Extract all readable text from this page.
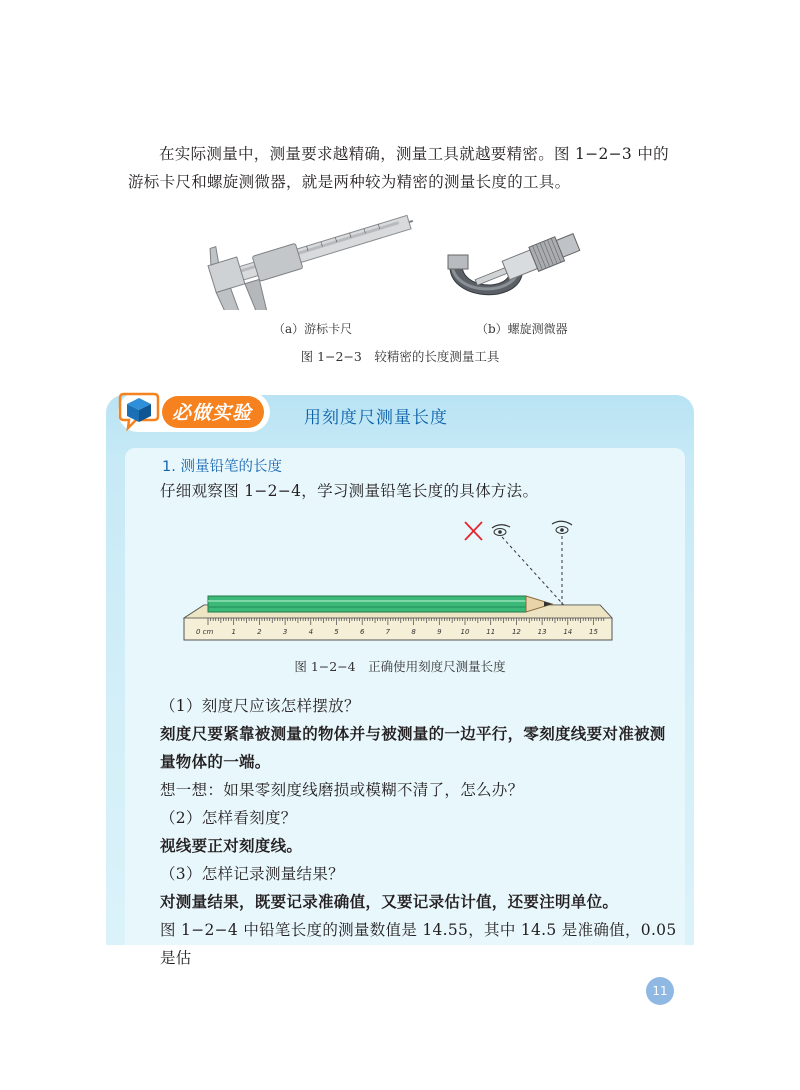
在实际测量中，测量要求越精确，测量工具就越要精密。图 1−2−3 中的

游标卡尺和螺旋测微器，就是两种较为精密的测量长度的工具。

（a）游标卡尺	（b）螺旋测微器
图 1−2−3　较精密的长度测量工具
必做实验	用刻度尺测量长度
1. 测量铅笔的长度

仔细观察图 1−2−4，学习测量铅笔长度的具体方法。

0 cm	1	2	3	4	5	6	7	8	9	10 11 12 13 14 15
图 1−2−4　正确使用刻度尺测量长度

（1）刻度尺应该怎样摆放？

刻度尺要紧靠被测量的物体并与被测量的一边平行，零刻度线要对准被测

量物体的一端。

想一想：如果零刻度线磨损或模糊不清了，怎么办？

（2）怎样看刻度？

视线要正对刻度线。

（3）怎样记录测量结果？

对测量结果，既要记录准确值，又要记录估计值，还要注明单位。

图 1−2−4 中铅笔长度的测量数值是 14.55，其中 14.5 是准确值，0.05 是估

11
